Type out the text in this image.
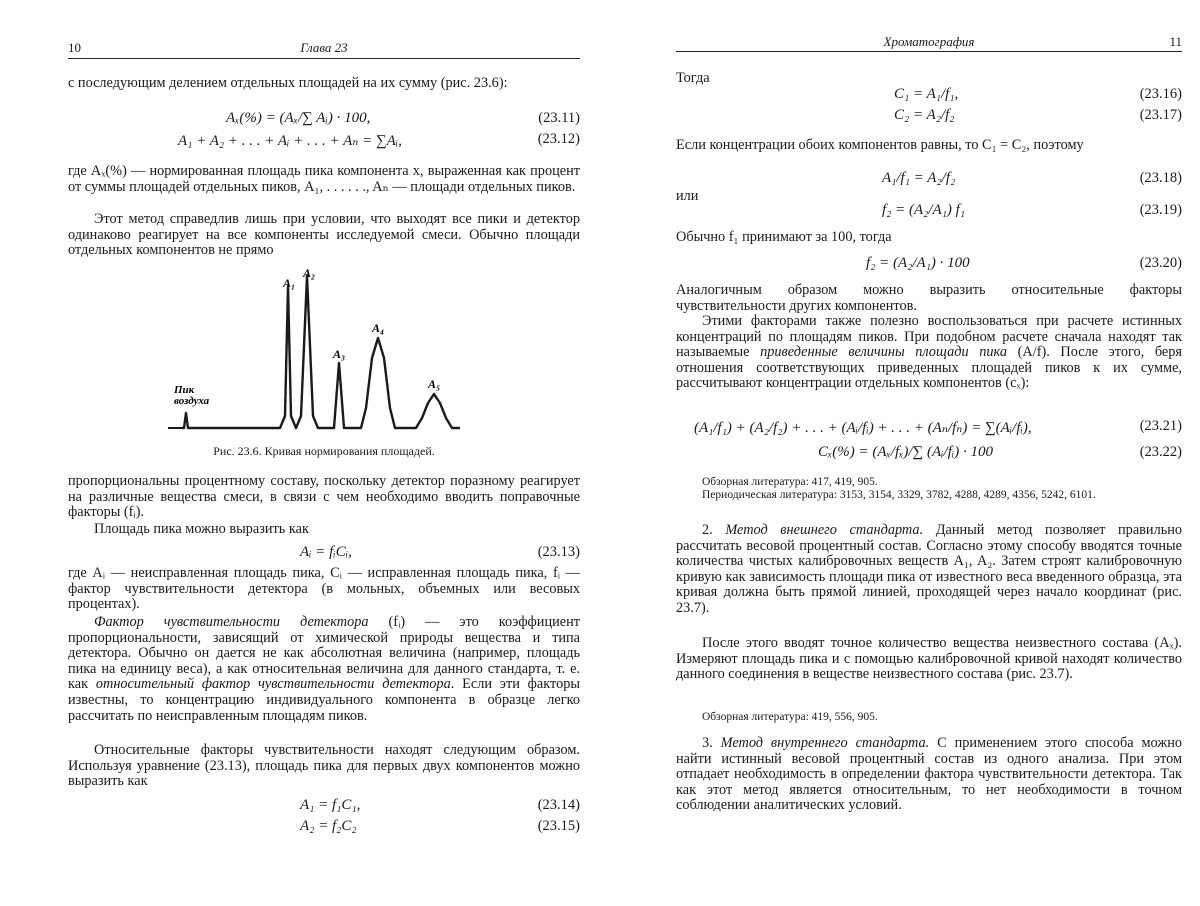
10	Глава 23
с последующим делением отдельных площадей на их сумму (рис. 23.6):
Aₓ(%) = (Aₓ/∑ Aᵢ) · 100,	(23.11)
A₁ + A₂ + . . . + Aᵢ + . . . + Aₙ = ∑Aᵢ,	(23.12)
где Aₓ(%) — нормированная площадь пика компонента x, выраженная как процент от суммы площадей отдельных пиков, A₁, . . . . . ., Aₙ — площади отдельных пиков.
Этот метод справедлив лишь при условии, что выходят все пики и детектор одинаково реагирует на все компоненты исследуемой смеси. Обычно площади отдельных компонентов не прямо
A₁
A₂
A₃
A₄
A₅
Пик
воздуха
Рис. 23.6. Кривая нормирования площадей.
пропорциональны процентному составу, поскольку детектор поразному реагирует на различные вещества смеси, в связи с чем необходимо вводить поправочные факторы (fᵢ).
Площадь пика можно выразить как
Aᵢ = fᵢCᵢ,	(23.13)
где Aᵢ — неисправленная площадь пика, Cᵢ — исправленная площадь пика, fᵢ — фактор чувствительности детектора (в мольных, объемных или весовых процентах).
Фактор чувствительности детектора (fᵢ) — это коэффициент пропорциональности, зависящий от химической природы вещества и типа детектора. Обычно он дается не как абсолютная величина (например, площадь пика на единицу веса), а как относительная величина для данного стандарта, т. е. как относительный фактор чувствительности детектора. Если эти факторы известны, то концентрацию индивидуального компонента в образце легко рассчитать по неисправленным площадям пиков.
Относительные факторы чувствительности находят следующим образом. Используя уравнение (23.13), площадь пика для первых двух компонентов можно выразить как
A₁ = f₁C₁,	(23.14)
A₂ = f₂C₂	(23.15)
Хроматография	11
Тогда
C₁ = A₁/f₁,	(23.16)
C₂ = A₂/f₂	(23.17)
Если концентрации обоих компонентов равны, то C₁ = C₂, поэтому
A₁/f₁ = A₂/f₂	(23.18)
или
f₂ = (A₂/A₁) f₁	(23.19)
Обычно f₁ принимают за 100, тогда
f₂ = (A₂/A₁) · 100	(23.20)
Аналогичным образом можно выразить относительные факторы чувствительности других компонентов.
Этими факторами также полезно воспользоваться при расчете истинных концентраций по площадям пиков. При подобном расчете сначала находят так называемые приведенные величины площади пика (A/f). После этого, беря отношения соответствующих приведенных площадей пиков к их сумме, рассчитывают концентрации отдельных компонентов (cₓ):
(A₁/f₁) + (A₂/f₂) + . . . + (Aᵢ/fᵢ) + . . . + (Aₙ/fₙ) = ∑(Aᵢ/fᵢ),	(23.21)
Cₓ(%) = (Aₓ/fₓ)/∑ (Aᵢ/fᵢ) · 100	(23.22)
Обзорная литература: 417, 419, 905.
Периодическая литература: 3153, 3154, 3329, 3782, 4288, 4289, 4356, 5242, 6101.
2. Метод внешнего стандарта. Данный метод позволяет правильно рассчитать весовой процентный состав. Согласно этому способу вводятся точные количества чистых калибровочных веществ A₁, A₂. Затем строят калибровочную кривую как зависимость площади пика от известного веса введенного образца, эта кривая должна быть прямой линией, проходящей через начало координат (рис. 23.7).
После этого вводят точное количество вещества неизвестного состава (Aₓ). Измеряют площадь пика и с помощью калибровочной кривой находят количество данного соединения в веществе неизвестного состава (рис. 23.7).
Обзорная литература: 419, 556, 905.
3. Метод внутреннего стандарта. С применением этого способа можно найти истинный весовой процентный состав из одного анализа. При этом отпадает необходимость в определении фактора чувствительности детектора. Так как этот метод является относительным, то нет необходимости в точном соблюдении аналитических условий.
